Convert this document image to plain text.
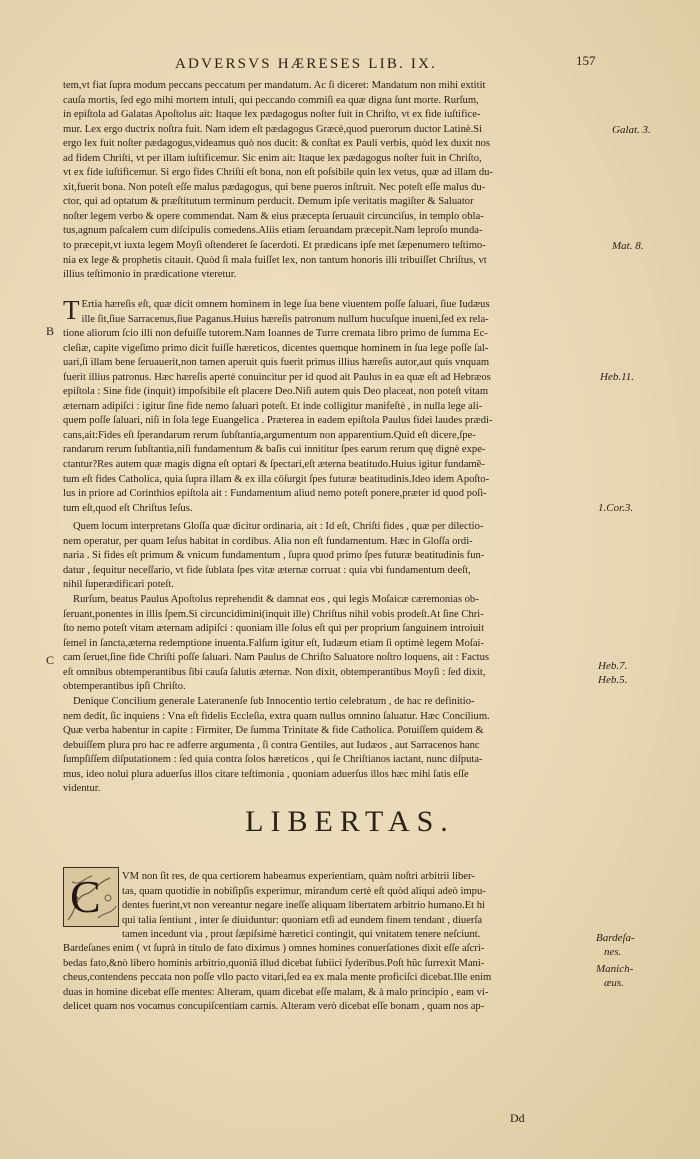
ADVERSVS HÆRESES LIB. IX.	157
tem,vt fiat ſupra modum peccans peccatum per mandatum. Ac ſi diceret: Mandatum non mihi extitit
cauſa mortis, ſed ego mihi mortem intuli, qui peccando commiſi ea quæ digna ſunt morte. Rurſum,
in epiſtola ad Galatas Apoſtolus ait: Itaque lex pædagogus noſter fuit in Chriſto, vt ex fide iuſtifice-
mur. Lex ergo ductrix noſtra fuit. Nam idem eſt pædagogus Græcè,quod puerorum ductor Latinè.Si
ergo lex fuit noſter pædagogus,videamus quò nos ducit: & conſtat ex Pauli verbis, quòd lex duxit nos
ad fidem Chriſti, vt per illam iuſtificemur. Sic enim ait: Itaque lex pædagogus noſter fuit in Chriſto,
vt ex fide iuſtificemur. Si ergo fides Chriſti eſt bona, non eſt poſsibile quin lex vetus, quæ ad illam du-
xit,fuerit bona. Non poteſt eſſe malus pædagogus, qui bene pueros inſtruit. Nec poteſt eſſe malus du-
ctor, qui ad optatum & præſtitutum terminum perducit. Demum ipſe veritatis magiſter & Saluator
noſter legem verbo & opere commendat. Nam & eius præcepta ſeruauit circunciſus, in templo obla-
tus,agnum paſcalem cum diſcipulis comedens.Aliis etiam ſeruandam præcepit.Nam leproſo munda-
to præcepit,vt iuxta legem Moyſi oſtenderet ſe ſacerdoti. Et prædicans ipſe met ſæpenumero teſtimo-
nia ex lege & prophetis citauit. Quòd ſi mala fuiſſet lex, non tantum honoris illi tribuiſſet Chriſtus, vt
illius teſtimonio in prædicatione vteretur.
T Ertia hæreſis eſt, quæ dicit omnem hominem in lege ſua bene viuentem poſſe ſaluari, ſiue Iudæus
ille ſit,ſiue Sarracenus,ſiue Paganus.Huius hæreſis patronum nullum hucuſque inueni,ſed ex rela-
tione aliorum ſcio illi non defuiſſe tutorem.Nam Ioannes de Turre cremata libro primo de ſumma Ec-
cleſiæ, capite vigeſimo primo dicit fuiſſe hæreticos, dicentes quemque hominem in ſua lege poſſe ſal-
uari,ſi illam bene ſeruauerit,non tamen aperuit quis fuerit primus illius hæreſis autor,aut quis vnquam
fuerit illius patronus. Hæc hæreſis apertè conuincitur per id quod ait Paulus in ea quæ eſt ad Hebræos
epiſtola : Sine fide (inquit) impoſsibile eſt placere Deo.Niſi autem quis Deo placeat, non poteſt vitam
æternam adipiſci : igitur ſine fide nemo ſaluari poteſt. Et inde colligitur manifeſtè , in nulla lege ali-
quem poſſe ſaluari, niſi in ſola lege Euangelica . Præterea in eadem epiſtola Paulus fidei laudes prædi-
cans,ait:Fides eſt ſperandarum rerum ſubſtantia,argumentum non apparentium.Quid eſt dicere,ſpe-
randarum rerum ſubſtantia,niſi fundamentum & baſis cui innititur ſpes earum rerum quę dignè expe-
ctantur?Res autem quæ magis digna eſt optari & ſpectari,eſt æterna beatitudo.Huius igitur fundamē-
tum eſt fides Catholica, quia ſupra illam & ex illa cōſurgit ſpes futuræ beatitudinis.Ideo idem Apoſto-
lus in priore ad Corinthios epiſtola ait : Fundamentum aliud nemo poteſt ponere,præter id quod poſi-
tum eſt,quod eſt Chriſtus Ieſus.
Quem locum interpretans Gloſſa quæ dicitur ordinaria, ait : Id eſt, Chriſti fides , quæ per dilectio-
nem operatur, per quam Ieſus habitat in cordibus. Alia non eſt fundamentum. Hæc in Gloſſa ordi-
naria . Si fides eſt primum & vnicum fundamentum , ſupra quod primo ſpes futuræ beatitudinis fun-
datur , ſequitur neceſſario, vt fide ſublata ſpes vitæ æternæ corruat : quia vbi fundamentum deeſt,
nihil ſuperædificari poteſt.
Rurſum, beatus Paulus Apoſtolus reprehendit & damnat eos , qui legis Moſaicæ cæremonias ob-
ſeruant,ponentes in illis ſpem.Si circuncidimini(inquit ille) Chriſtus nihil vobis prodeſt.At ſine Chri-
ſto nemo poteſt vitam æternam adipiſci : quoniam ille ſolus eſt qui per proprium ſanguinem introiuit
ſemel in ſancta,æterna redemptione inuenta.Falſum igitur eſt, Iudæum etiam ſi optimè legem Moſai-
cam ſeruet,ſine fide Chriſti poſſe ſaluari. Nam Paulus de Chriſto Saluatore noſtro loquens, ait : Factus
eſt omnibus obtemperantibus ſibi cauſa ſalutis æternæ. Non dixit, obtemperantibus Moyſi : ſed dixit,
obtemperantibus ipſi Chriſto.
Denique Concilium generale Lateranenſe ſub Innocentio tertio celebratum , de hac re definitio-
nem dedit, ſic inquiens : Vna eſt fidelis Eccleſia, extra quam nullus omnino ſaluatur. Hæc Concilium.
Quæ verba habentur in capite : Firmiter, De ſumma Trinitate & fide Catholica. Potuiſſem quidem &
debuiſſem plura pro hac re adferre argumenta , ſi contra Gentiles, aut Iudæos , aut Sarracenos hanc
ſumpſiſſem diſputationem : ſed quia contra ſolos hæreticos , qui ſe Chriſtianos iactant, nunc diſputa-
mus, ideo nolui plura aduerſus illos citare teſtimonia , quoniam aduerſus illos hæc mihi ſatis eſſe
videntur.
LIBERTAS.
C VM non ſit res, de qua certiorem habeamus experientiam, quàm noſtri arbitrii liber-
tas, quam quotidie in nobiſipſis experimur, mirandum certè eſt quòd aliqui adeò impu-
dentes fuerint,vt non vereantur negare ineſſe aliquam libertatem arbitrio humano.Et hi
qui talia ſentiunt , inter ſe diuiduntur: quoniam etſi ad eundem finem tendant , diuerſa
tamen incedunt via , prout ſæpiſsimè hæretici contingit, qui vnitatem tenere neſciunt.
Bardeſanes enim ( vt ſuprà in titulo de fato diximus ) omnes homines conuerſationes dixit eſſe aſcri-
bedas fato,&nò libero hominis arbitrio,quoniã illud dicebat ſubiici ſyderibus.Poſt hũc ſurrexit Mani-
cheus,contendens peccata non poſſe vllo pacto vitari,ſed ea ex mala mente proficiſci dicebat.Ille enim
duas in homine dicebat eſſe mentes: Alteram, quam dicebat eſſe malam, & à malo principio , eam vi-
delicet quam nos vocamus concupiſcentiam carnis. Alteram verò dicebat eſſe bonam , quam nos ap-
Dd
B
C
Galat. 3.
Mat. 8.
Heb.11.
1.Cor.3.
Heb.7.
Heb.5.
Bardeſa-
nes.
Manich-
æus.
